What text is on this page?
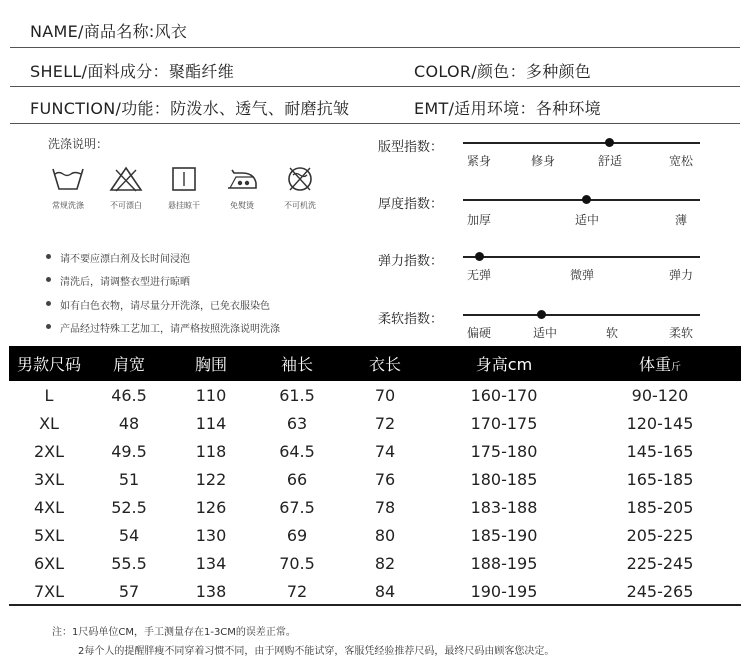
NAME/商品名称:风衣
SHELL/面料成分：聚酯纤维	COLOR/颜色：多种颜色
FUNCTION/功能：防泼水、透气、耐磨抗皱	EMT/适用环境：各种环境
洗涤说明：
常规洗涤	不可漂白	悬挂晾干	免熨烫	不可机洗
请不要应漂白剂及长时间浸泡
清洗后，请调整衣型进行晾晒
如有白色衣物，请尽量分开洗涤，已免衣服染色
产品经过特殊工艺加工，请严格按照洗涤说明洗涤
版型指数：
紧身	修身	舒适	宽松
厚度指数：
加厚	适中	薄
弹力指数：
无弹	微弹	弹力
柔软指数：
偏硬	适中	软	柔软
男款尺码	肩宽	胸围	袖长	衣长	身高cm	体重斤
L	46.5	110	61.5	70	160-170	90-120
XL	48	114	63	72	170-175	120-145
2XL	49.5	118	64.5	74	175-180	145-165
3XL	51	122	66	76	180-185	165-185
4XL	52.5	126	67.5	78	183-188	185-205
5XL	54	130	69	80	185-190	205-225
6XL	55.5	134	70.5	82	188-195	225-245
7XL	57	138	72	84	190-195	245-265
注：1尺码单位CM，手工测量存在1-3CM的误差正常。
2每个人的提醒胖瘦不同穿着习惯不同，由于网购不能试穿，客服凭经验推荐尺码，最终尺码由顾客您决定。
